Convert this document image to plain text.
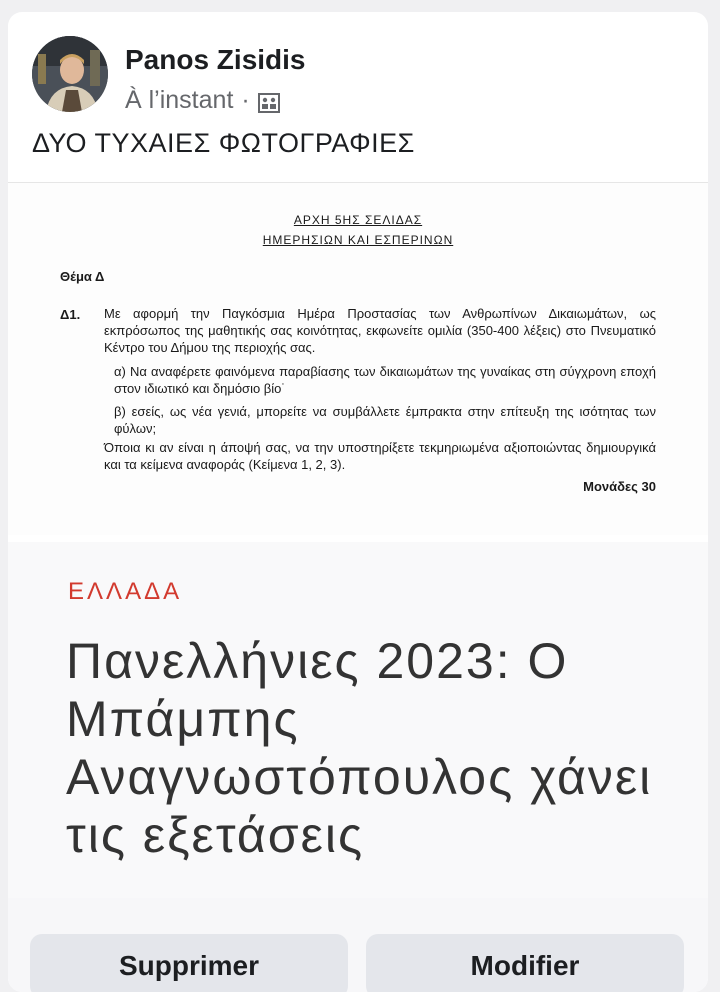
Panos Zisidis
À l’instant ·
ΔΥΟ ΤΥΧΑΙΕΣ ΦΩΤΟΓΡΑΦΙΕΣ
ΑΡΧΗ 5ΗΣ ΣΕΛΙΔΑΣ
ΗΜΕΡΗΣΙΩΝ ΚΑΙ ΕΣΠΕΡΙΝΩΝ
Θέμα Δ
Δ1. Με αφορμή την Παγκόσμια Ημέρα Προστασίας των Ανθρωπίνων Δικαιωμάτων, ως εκπρόσωπος της μαθητικής σας κοινότητας, εκφωνείτε ομιλία (350-400 λέξεις) στο Πνευματικό Κέντρο του Δήμου της περιοχής σας.
α) Να αναφέρετε φαινόμενα παραβίασης των δικαιωμάτων της γυναίκας στη σύγχρονη εποχή στον ιδιωτικό και δημόσιο βίο˙
β) εσείς, ως νέα γενιά, μπορείτε να συμβάλλετε έμπρακτα στην επίτευξη της ισότητας των φύλων;
Όποια κι αν είναι η άποψή σας, να την υποστηρίξετε τεκμηριωμένα αξιοποιώντας δημιουργικά και τα κείμενα αναφοράς (Κείμενα 1, 2, 3).
Μονάδες 30
ΕΛΛΑΔΑ
Πανελλήνιες 2023: Ο Μπάμπης Αναγνωστόπουλος χάνει τις εξετάσεις
Supprimer	Modifier
